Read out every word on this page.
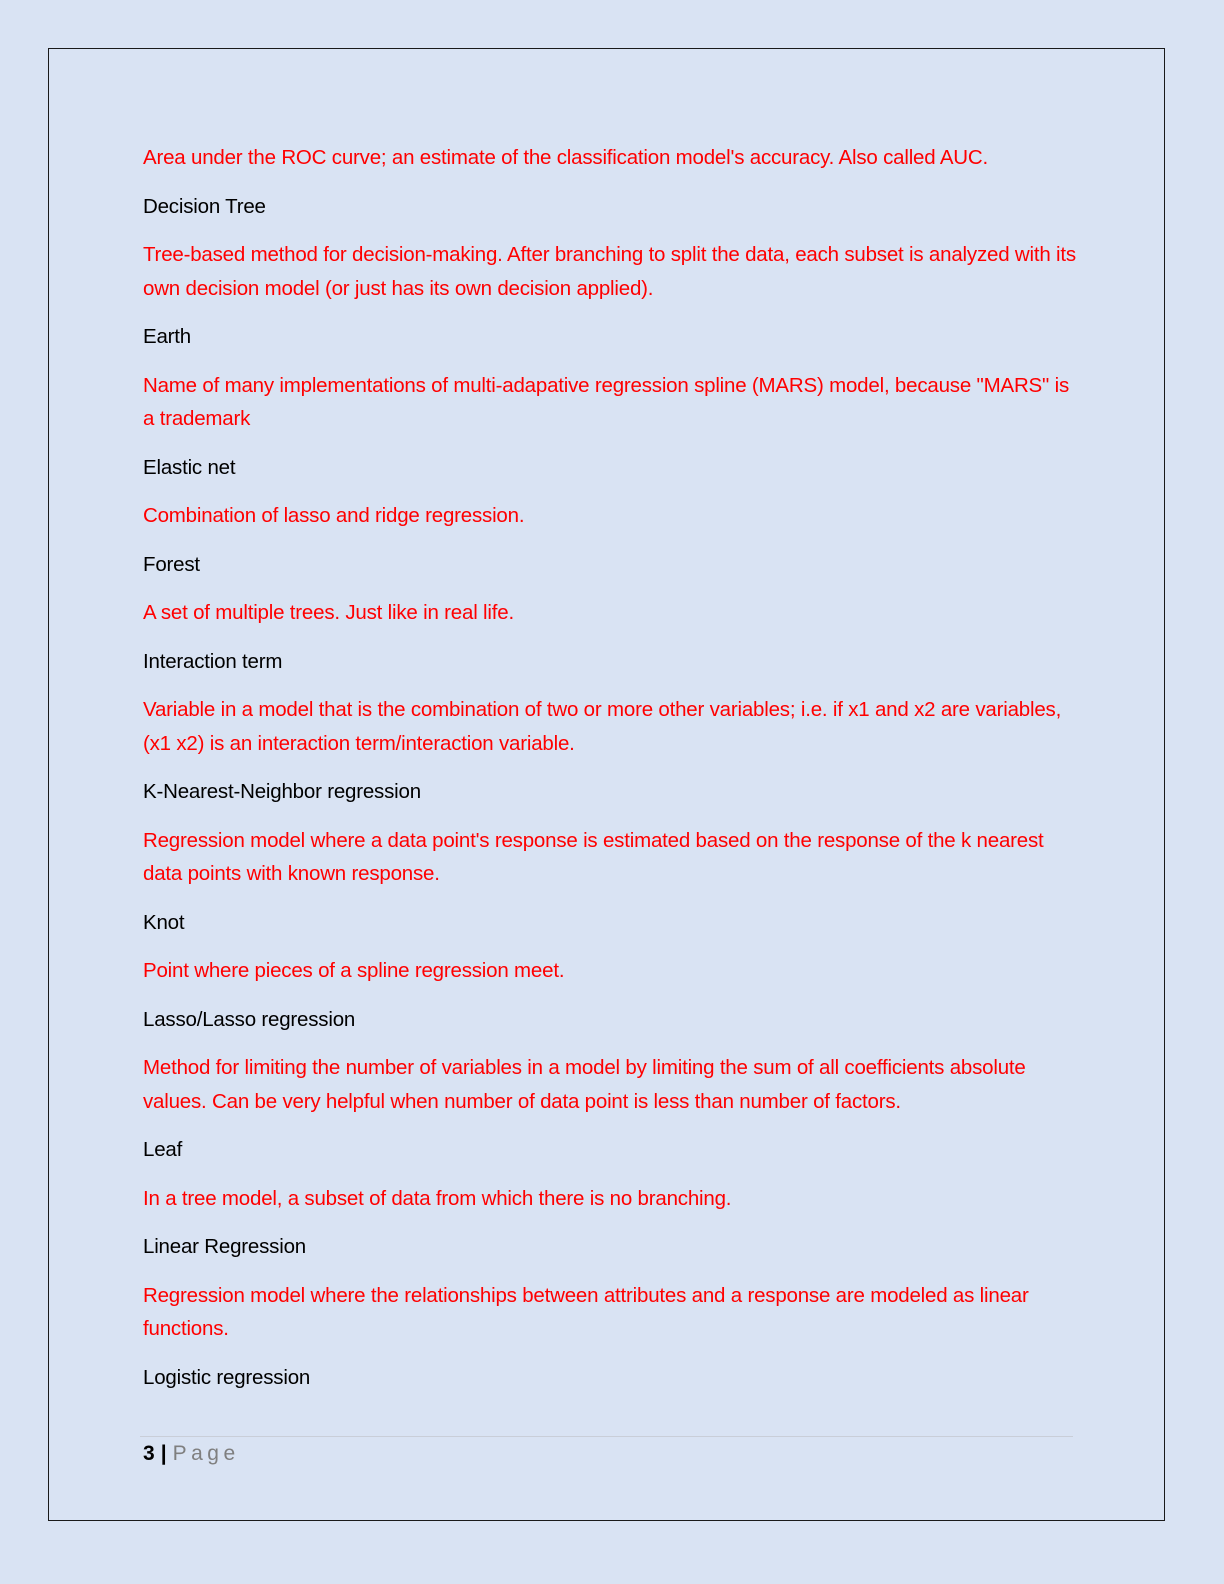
Area under the ROC curve; an estimate of the classification model's accuracy. Also called AUC.

Decision Tree

Tree-based method for decision-making. After branching to split the data, each subset is analyzed with its own decision model (or just has its own decision applied).

Earth

Name of many implementations of multi-adapative regression spline (MARS) model, because "MARS" is a trademark

Elastic net

Combination of lasso and ridge regression.

Forest

A set of multiple trees. Just like in real life.

Interaction term

Variable in a model that is the combination of two or more other variables; i.e. if x1 and x2 are variables, (x1 x2) is an interaction term/interaction variable.

K-Nearest-Neighbor regression

Regression model where a data point's response is estimated based on the response of the k nearest data points with known response.

Knot

Point where pieces of a spline regression meet.

Lasso/Lasso regression

Method for limiting the number of variables in a model by limiting the sum of all coefficients absolute values. Can be very helpful when number of data point is less than number of factors.

Leaf

In a tree model, a subset of data from which there is no branching.

Linear Regression

Regression model where the relationships between attributes and a response are modeled as linear functions.

Logistic regression

3 | Page
